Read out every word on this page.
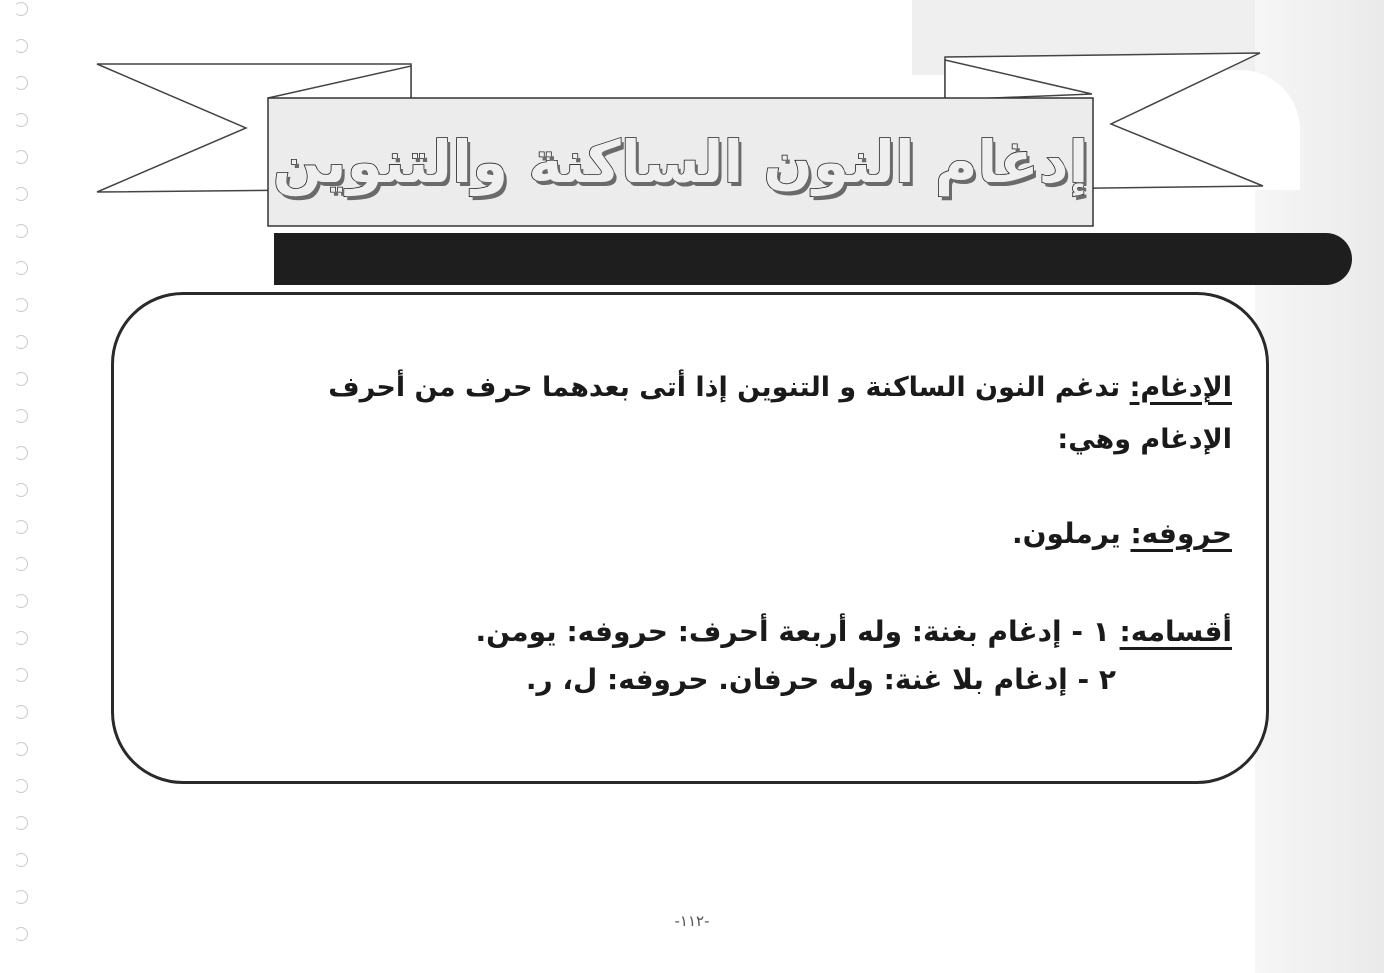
إدغام النون الساكنة والتنوين
الإدغام: تدغم النون الساكنة و التنوين إذا أتى بعدهما حرف من أحرف
الإدغام وهي:
حروفه: يرملون.
أقسامه: ١ - إدغام بغنة: وله أربعة أحرف: حروفه: يومن.
٢ - إدغام بلا غنة: وله حرفان. حروفه: ل، ر.
-١١٢-
